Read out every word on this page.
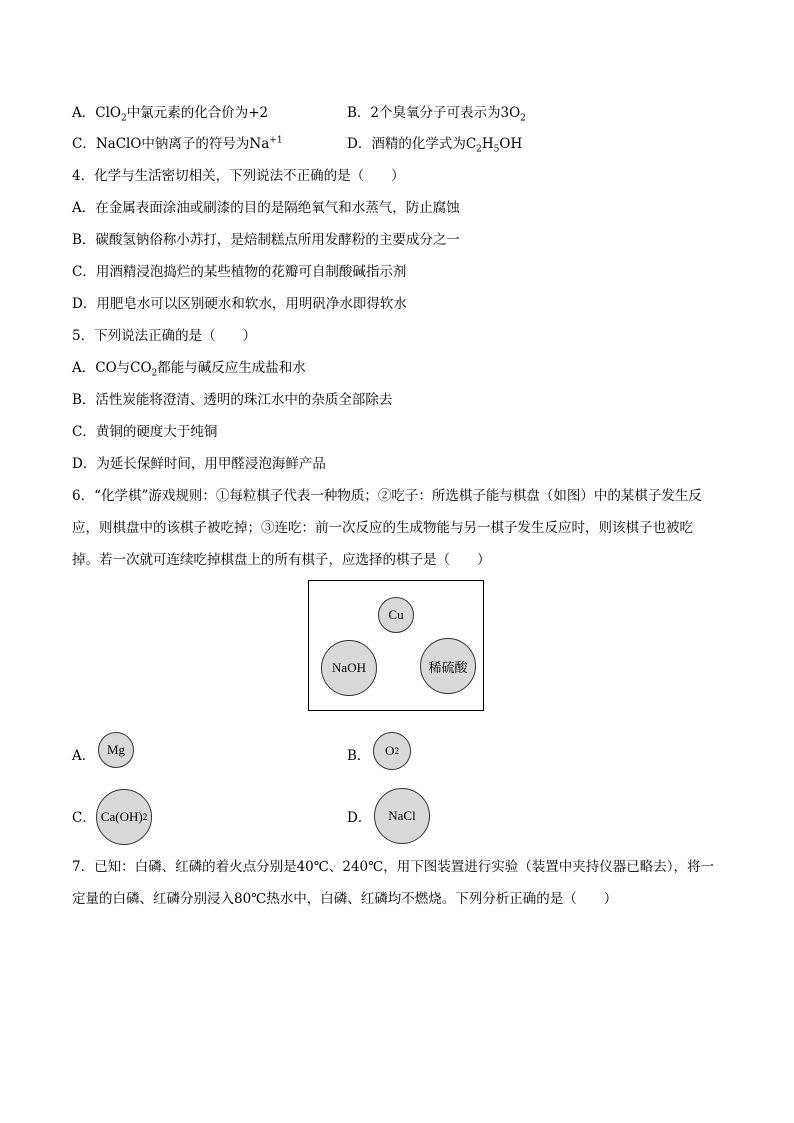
A．ClO$_2$中氯元素的化合价为+2	B．2个臭氧分子可表示为$3O_2$
C．NaClO中钠离子的符号为$Na^{+1}$	D．酒精的化学式为$C_2H_5OH$
4．化学与生活密切相关，下列说法不正确的是（　　）
A．在金属表面涂油或刷漆的目的是隔绝氧气和水蒸气，防止腐蚀
B．碳酸氢钠俗称小苏打，是焙制糕点所用发酵粉的主要成分之一
C．用酒精浸泡捣烂的某些植物的花瓣可自制酸碱指示剂
D．用肥皂水可以区别硬水和软水，用明矾净水即得软水
5．下列说法正确的是（　　）
A．CO与$CO_2$都能与碱反应生成盐和水
B．活性炭能将澄清、透明的珠江水中的杂质全部除去
C．黄铜的硬度大于纯铜
D．为延长保鲜时间，用甲醛浸泡海鲜产品
6．“化学棋”游戏规则：①每粒棋子代表一种物质；②吃子：所选棋子能与棋盘（如图）中的某棋子发生反
应，则棋盘中的该棋子被吃掉；③连吃：前一次反应的生成物能与另一棋子发生反应时，则该棋子也被吃
掉。若一次就可连续吃掉棋盘上的所有棋子，应选择的棋子是（　　）
Cu
NaOH	稀硫酸
A． Mg	B． O 2
C． Ca(OH) 2	D．	NaCl
7．已知：白磷、红磷的着火点分别是40℃、240℃，用下图装置进行实验（装置中夹持仪器已略去），将一
定量的白磷、红磷分别浸入80℃热水中，白磷、红磷均不燃烧。下列分析正确的是（　　）
